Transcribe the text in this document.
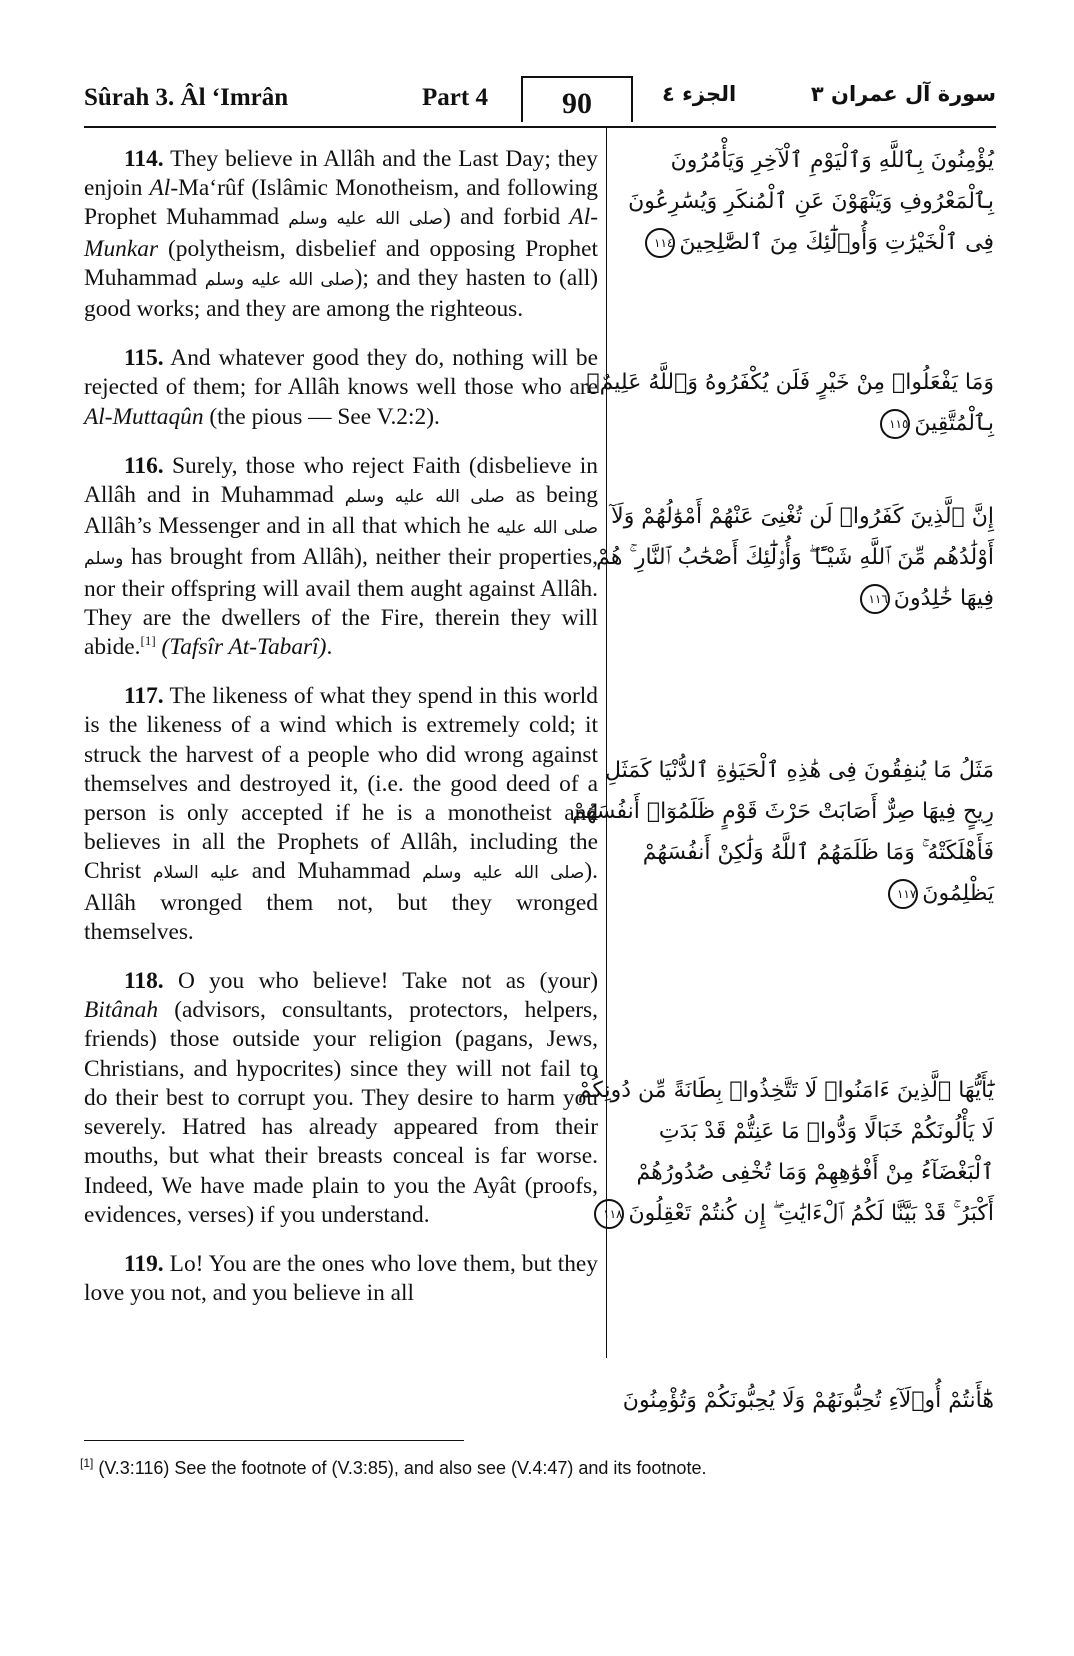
Sûrah 3. Âl ‘Imrân	Part 4	90	الجزء ٤	سورة آل عمران ٣

114. They believe in Allâh and the Last Day; they enjoin Al-Ma‘rûf (Islâmic Monotheism, and following Prophet Muhammad صلى الله عليه وسلم) and forbid Al-Munkar (polytheism, disbelief and opposing Prophet Muhammad صلى الله عليه وسلم); and they hasten to (all) good works; and they are among the righteous.

115. And whatever good they do, nothing will be rejected of them; for Allâh knows well those who are Al-Muttaqûn (the pious — See V.2:2).

116. Surely, those who reject Faith (disbelieve in Allâh and in Muhammad صلى الله عليه وسلم as being Allâh’s Messenger and in all that which he صلى الله عليه وسلم has brought from Allâh), neither their properties, nor their offspring will avail them aught against Allâh. They are the dwellers of the Fire, therein they will abide.[1] (Tafsîr At-Tabarî).

117. The likeness of what they spend in this world is the likeness of a wind which is extremely cold; it struck the harvest of a people who did wrong against themselves and destroyed it, (i.e. the good deed of a person is only accepted if he is a monotheist and believes in all the Prophets of Allâh, including the Christ عليه السلام and Muhammad صلى الله عليه وسلم). Allâh wronged them not, but they wronged themselves.

118. O you who believe! Take not as (your) Bitânah (advisors, consultants, protectors, helpers, friends) those outside your religion (pagans, Jews, Christians, and hypocrites) since they will not fail to do their best to corrupt you. They desire to harm you severely. Hatred has already appeared from their mouths, but what their breasts conceal is far worse. Indeed, We have made plain to you the Ayât (proofs, evidences, verses) if you understand.

119. Lo! You are the ones who love them, but they love you not, and you believe in all

يُؤْمِنُونَ بِٱللَّهِ وَٱلْيَوْمِ ٱلْآخِرِ وَيَأْمُرُونَ
بِٱلْمَعْرُوفِ وَيَنْهَوْنَ عَنِ ٱلْمُنكَرِ وَيُسَٰرِعُونَ
فِى ٱلْخَيْرَٰتِ وَأُو۟لَٰٓئِكَ مِنَ ٱلصَّٰلِحِينَ١١٤
وَمَا يَفْعَلُوا۟ مِنْ خَيْرٍ فَلَن يُكْفَرُوهُ وَٱللَّهُ عَلِيمٌۢ
بِٱلْمُتَّقِينَ١١٥
إِنَّ ٱلَّذِينَ كَفَرُوا۟ لَن تُغْنِىَ عَنْهُمْ أَمْوَٰلُهُمْ وَلَآ
أَوْلَٰدُهُم مِّنَ ٱللَّهِ شَيْـًٔا ۖ وَأُو۟لَٰٓئِكَ أَصْحَٰبُ ٱلنَّارِ ۚ هُمْ
فِيهَا خَٰلِدُونَ١١٦
مَثَلُ مَا يُنفِقُونَ فِى هَٰذِهِ ٱلْحَيَوٰةِ ٱلدُّنْيَا كَمَثَلِ
رِيحٍ فِيهَا صِرٌّ أَصَابَتْ حَرْثَ قَوْمٍ ظَلَمُوٓا۟ أَنفُسَهُمْ
فَأَهْلَكَتْهُ ۚ وَمَا ظَلَمَهُمُ ٱللَّهُ وَلَٰكِنْ أَنفُسَهُمْ
يَظْلِمُونَ١١٧
يَٰٓأَيُّهَا ٱلَّذِينَ ءَامَنُوا۟ لَا تَتَّخِذُوا۟ بِطَانَةً مِّن دُونِكُمْ
لَا يَأْلُونَكُمْ خَبَالًا وَدُّوا۟ مَا عَنِتُّمْ قَدْ بَدَتِ
ٱلْبَغْضَآءُ مِنْ أَفْوَٰهِهِمْ وَمَا تُخْفِى صُدُورُهُمْ
أَكْبَرُ ۚ قَدْ بَيَّنَّا لَكُمُ ٱلْءَايَٰتِ ۖ إِن كُنتُمْ تَعْقِلُونَ١١٨
هَٰٓأَنتُمْ أُو۟لَآءِ تُحِبُّونَهُمْ وَلَا يُحِبُّونَكُمْ وَتُؤْمِنُونَ
[1] (V.3:116) See the footnote of (V.3:85), and also see (V.4:47) and its footnote.
